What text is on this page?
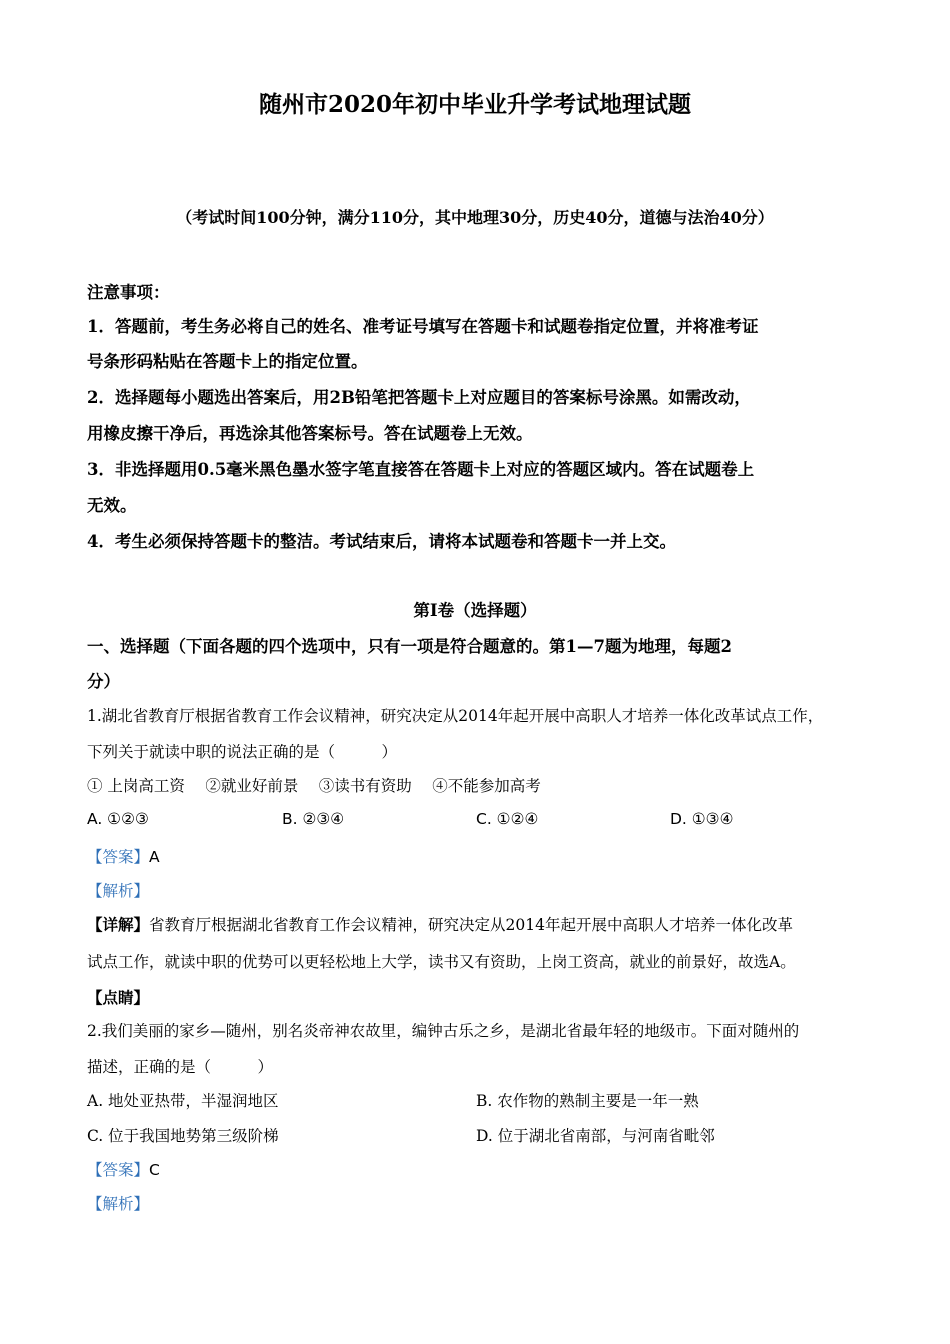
随州市2020年初中毕业升学考试地理试题
（考试时间100分钟，满分110分，其中地理30分，历史40分，道德与法治40分）
注意事项：
1．答题前，考生务必将自己的姓名、准考证号填写在答题卡和试题卷指定位置，并将准考证
号条形码粘贴在答题卡上的指定位置。
2．选择题每小题选出答案后，用2B铅笔把答题卡上对应题目的答案标号涂黑。如需改动，
用橡皮擦干净后，再选涂其他答案标号。答在试题卷上无效。
3．非选择题用0.5毫米黑色墨水签字笔直接答在答题卡上对应的答题区域内。答在试题卷上
无效。
4．考生必须保持答题卡的整洁。考试结束后，请将本试题卷和答题卡一并上交。
第Ⅰ卷（选择题）
一、选择题（下面各题的四个选项中，只有一项是符合题意的。第1—7题为地理，每题2
分）
1.湖北省教育厅根据省教育工作会议精神，研究决定从2014年起开展中高职人才培养一体化改革试点工作，
下列关于就读中职的说法正确的是（　　　）
① 上岗高工资　 ②就业好前景　 ③读书有资助　 ④不能参加高考
A. ①②③	B. ②③④	C. ①②④	D. ①③④
【答案】A
【解析】
【详解】省教育厅根据湖北省教育工作会议精神，研究决定从2014年起开展中高职人才培养一体化改革
试点工作，就读中职的优势可以更轻松地上大学，读书又有资助，上岗工资高，就业的前景好，故选A。
【点睛】
2.我们美丽的家乡—随州，别名炎帝神农故里，编钟古乐之乡，是湖北省最年轻的地级市。下面对随州的
描述，正确的是（　　　）
A. 地处亚热带，半湿润地区	B. 农作物的熟制主要是一年一熟
C. 位于我国地势第三级阶梯	D. 位于湖北省南部，与河南省毗邻
【答案】C
【解析】
